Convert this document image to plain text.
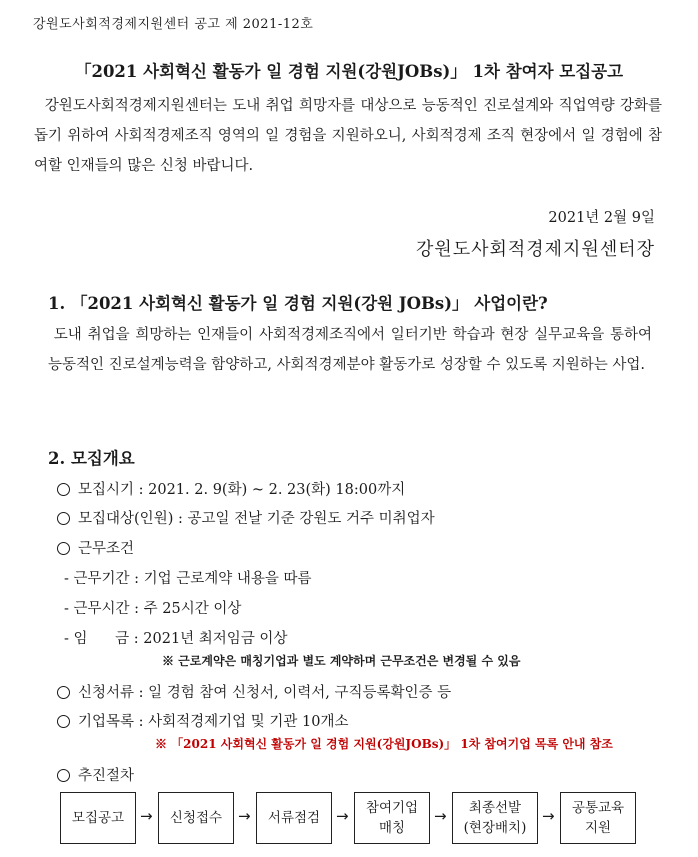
강원도사회적경제지원센터 공고 제 2021-12호
「2021 사회혁신 활동가 일 경험 지원(강원JOBs)」 1차 참여자 모집공고
강원도사회적경제지원센터는 도내 취업 희망자를 대상으로 능동적인 진로설계와 직업역량 강화를 돕기 위하여 사회적경제조직 영역의 일 경험을 지원하오니, 사회적경제 조직 현장에서 일 경험에 참여할 인재들의 많은 신청 바랍니다.
2021년 2월 9일
강원도사회적경제지원센터장
1. 「2021 사회혁신 활동가 일 경험 지원(강원 JOBs)」 사업이란?
도내 취업을 희망하는 인재들이 사회적경제조직에서 일터기반 학습과 현장 실무교육을 통하여 능동적인 진로설계능력을 함양하고, 사회적경제분야 활동가로 성장할 수 있도록 지원하는 사업.
2. 모집개요
모집시기 : 2021. 2. 9(화) ~ 2. 23(화) 18:00까지
모집대상(인원) : 공고일 전날 기준 강원도 거주 미취업자
근무조건
- 근무기간 : 기업 근로계약 내용을 따름
- 근무시간 : 주 25시간 이상
- 임      금 : 2021년 최저임금 이상
※ 근로계약은 매칭기업과 별도 계약하며 근무조건은 변경될 수 있음
신청서류 : 일 경험 참여 신청서, 이력서, 구직등록확인증 등
기업목록 : 사회적경제기업 및 기관 10개소
※ 「2021 사회혁신 활동가 일 경험 지원(강원JOBs)」 1차 참여기업 목록 안내 참조
추진절차
모집공고 → 신청접수 → 서류점검 → 참여기업
매칭
→	최종선발
(현장배치)
→ 공통교육
지원
